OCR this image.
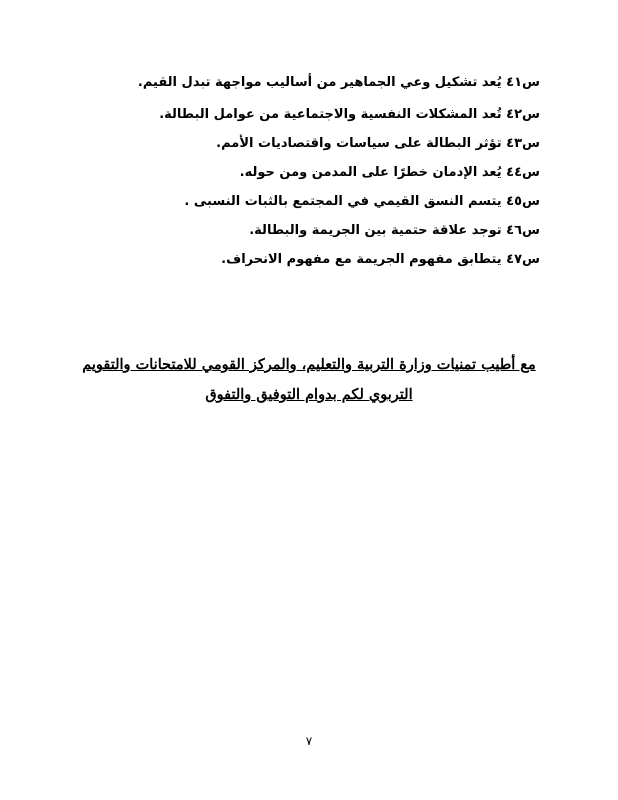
س٤١ يُعد تشكيل وعي الجماهير من أساليب مواجهة تبدل القيم.
س٤٢ تُعد المشكلات النفسية والاجتماعية من عوامل البطالة.
س٤٣ تؤثر البطالة على سياسات واقتصاديات الأمم.
س٤٤ يُعد الإدمان خطرًا على المدمن ومن حوله.
س٤٥ يتسم النسق القيمي في المجتمع بالثبات النسبى .
س٤٦ توجد علاقة حتمية بين الجريمة والبطالة.
س٤٧ يتطابق مفهوم الجريمة مع مفهوم الانحراف.
مع أطيب تمنيات وزارة التربية والتعليم، والمركز القومي للامتحانات والتقويم
التربوي لكم بدوام التوفيق والتفوق
٧
